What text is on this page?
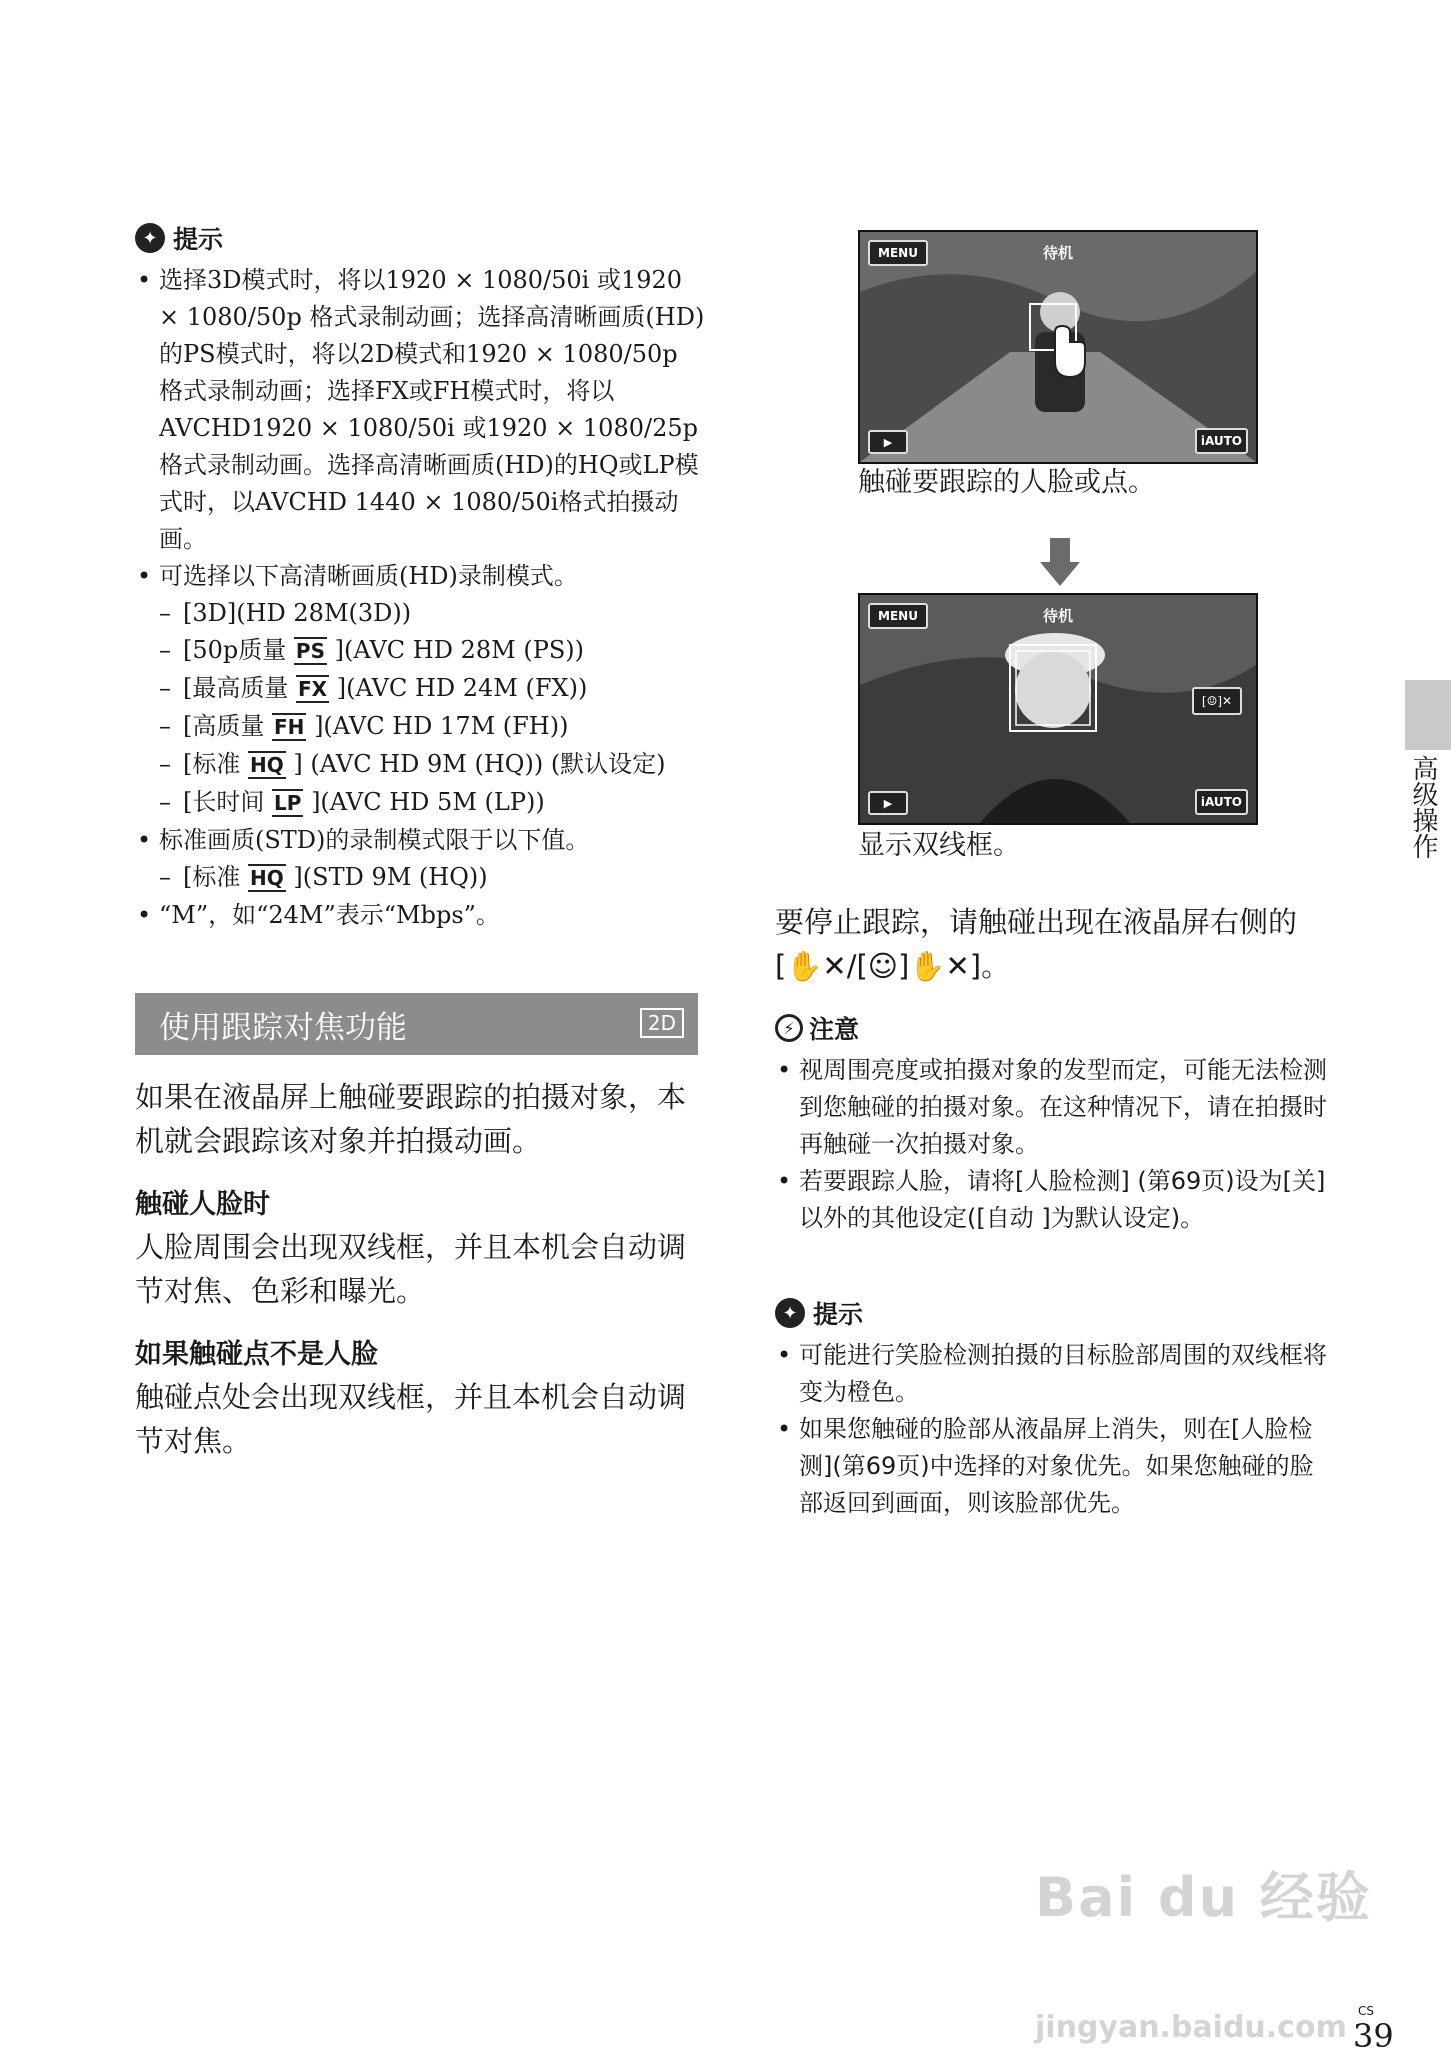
✦ 提示
• 选择3D模式时，将以1920 × 1080/50i 或1920 × 1080/50p 格式录制动画；选择高清晰画质(HD)的PS模式时，将以2D模式和1920 × 1080/50p 格式录制动画；选择FX或FH模式时，将以AVCHD1920 × 1080/50i 或1920 × 1080/25p 格式录制动画。选择高清晰画质(HD)的HQ或LP模式时，以AVCHD 1440 × 1080/50i格式拍摄动画。
• 可选择以下高清晰画质(HD)录制模式。
– [3D](HD 28M(3D))
– [50p质量 PS ](AVC HD 28M (PS))
– [最高质量 FX ](AVC HD 24M (FX))
– [高质量 FH ](AVC HD 17M (FH))
– [标准 HQ ] (AVC HD 9M (HQ)) (默认设定)
– [长时间 LP ](AVC HD 5M (LP))
• 标准画质(STD)的录制模式限于以下值。
– [标准 HQ ](STD 9M (HQ))
• “M”，如“24M”表示“Mbps”。
使用跟踪对焦功能	2D
如果在液晶屏上触碰要跟踪的拍摄对象，本机就会跟踪该对象并拍摄动画。
触碰人脸时
人脸周围会出现双线框，并且本机会自动调节对焦、色彩和曝光。
如果触碰点不是人脸
触碰点处会出现双线框，并且本机会自动调节对焦。
MENU	待机
▶	iAUTO
触碰要跟踪的人脸或点。
MENU	待机
[☺]✕
▶	iAUTO
显示双线框。
要停止跟踪，请触碰出现在液晶屏右侧的[✋✕/[☺]✋✕]。
⚡ 注意
• 视周围亮度或拍摄对象的发型而定，可能无法检测到您触碰的拍摄对象。在这种情况下，请在拍摄时再触碰一次拍摄对象。
• 若要跟踪人脸，请将[人脸检测] (第69页)设为[关]以外的其他设定([自动 ]为默认设定)。
✦ 提示
• 可能进行笑脸检测拍摄的目标脸部周围的双线框将变为橙色。
• 如果您触碰的脸部从液晶屏上消失，则在[人脸检测](第69页)中选择的对象优先。如果您触碰的脸部返回到画面，则该脸部优先。
高级操作
Bai du 经验
jingyan.baidu.com CS
39
